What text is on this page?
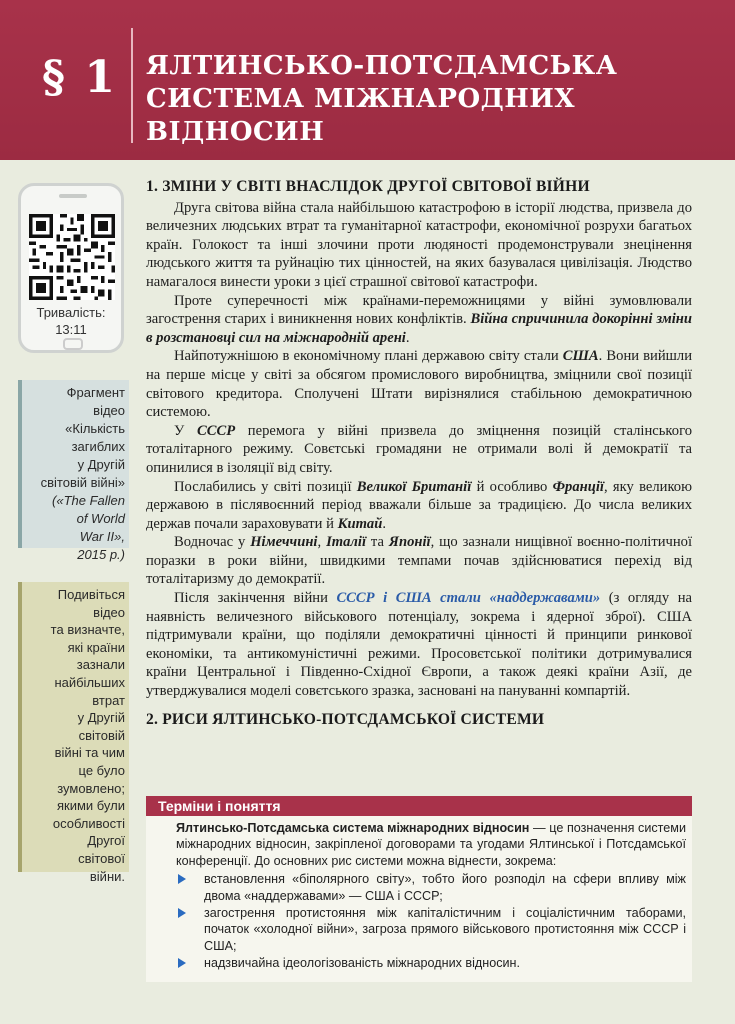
§ 1 ЯЛТИНСЬКО-ПОТСДАМСЬКА
СИСТЕМА МІЖНАРОДНИХ
ВІДНОСИН
Тривалість:
13:11
Фрагмент
відео
«Кількість
загиблих
у Другій
світовій війні»
(«The Fallen
of World
War II»,
2015 р.)
Подивіться
відео
та визначте,
які країни
зазнали
найбільших
втрат
у Другій
світовій
війні та чим
це було
зумовлено;
якими були
особливості
Другої
світової
війни.
1. ЗМІНИ У СВІТІ ВНАСЛІДОК ДРУГОЇ СВІТОВОЇ ВІЙНИ

Друга світова війна стала найбільшою катастрофою в історії людства, призвела до величезних людських втрат та гуманітарної катастрофи, економічної розрухи багатьох країн. Голокост та інші злочини проти людяності продемонстрували знецінення людського життя та руйнацію тих цінностей, на яких базувалася цивілізація. Людство намагалося винести уроки з цієї страшної світової катастрофи.

Проте суперечності між країнами-переможницями у війні зумовлювали загострення старих і виникнення нових конфліктів. Війна спричинила докорінні зміни в розстановці сил на міжнародній арені.

Найпотужнішою в економічному плані державою світу стали США. Вони вийшли на перше місце у світі за обсягом промислового виробництва, зміцнили свої позиції світового кредитора. Сполучені Штати вирізнялися стабільною демократичною системою.

У СССР перемога у війні призвела до зміцнення позицій сталінського тоталітарного режиму. Совєтські громадяни не отримали волі й демократії та опинилися в ізоляції від світу.

Послабились у світі позиції Великої Британії й особливо Франції, яку великою державою в післявоєнний період вважали більше за традицією. До числа великих держав почали зараховувати й Китай.

Водночас у Німеччині, Італії та Японії, що зазнали нищівної воєнно-політичної поразки в роки війни, швидкими темпами почав здійснюватися перехід від тоталітаризму до демократії.

Після закінчення війни СССР і США стали «наддержавами» (з огляду на наявність величезного військового потенціалу, зокрема і ядерної зброї). США підтримували країни, що поділяли демократичні цінності й принципи ринкової економіки, та антикомуністичні режими. Просовєтської політики дотримувалися країни Центральної і Південно-Східної Європи, а також деякі країни Азії, де утверджувалися моделі совєтського зразка, засновані на пануванні компартій.

2. РИСИ ЯЛТИНСЬКО-ПОТСДАМСЬКОЇ СИСТЕМИ
Терміни і поняття

Ялтинсько-Потсдамська система міжнародних відносин — це позначення системи міжнародних відносин, закріпленої договорами та угодами Ялтинської і Потсдамської конференції. До основних рис системи можна віднести, зокрема:

встановлення «біполярного світу», тобто його розподіл на сфери впливу між двома «наддержавами» — США і СССР;
загострення протистояння між капіталістичним і соціалістичним таборами, початок «холодної війни», загроза прямого військового протистояння між СССР і США;
надзвичайна ідеологізованість міжнародних відносин.
